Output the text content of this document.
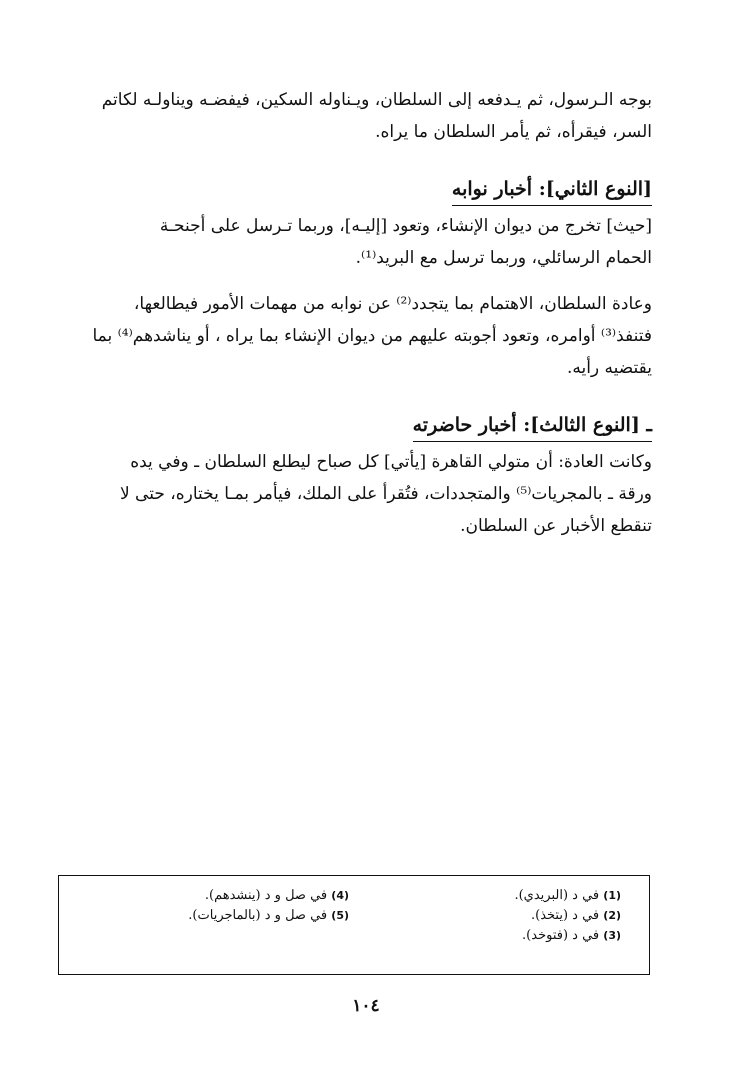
بوجه الـرسول، ثم يـدفعه إلى السلطان، ويـناوله السكين، فيفضـه ويناولـه لكاتم
السر، فيقرأه، ثم يأمر السلطان ما يراه.

[النوع الثاني]: أخبار نوابه

[حيث] تخرج من ديوان الإنشاء، وتعود [إليـه]، وربما تـرسل على أجنحـة
الحمام الرسائلي، وربما ترسل مع البريد⁽¹⁾.

وعادة السلطان، الاهتمام بما يتجدد⁽²⁾ عن نوابه من مهمات الأمور فيطالعها،
فتنفذ⁽³⁾ أوامره، وتعود أجوبته عليهم من ديوان الإنشاء بما يراه ، أو يناشدهم⁽⁴⁾ بما
يقتضيه رأيه.

ـ [النوع الثالث]: أخبار حاضرته

وكانت العادة: أن متولي القاهرة [يأتي] كل صباح ليطلع السلطان ـ وفي يده
ورقة ـ بالمجريات⁽⁵⁾ والمتجددات، فتُقرأ على الملك، فيأمر بمـا يختاره، حتى لا
تنقطع الأخبار عن السلطان.

(1) في د (البريدي).
(2) في د (يتخذ).
(3) في د (فتوخد).
(4) في صل و د (ينشدهم).
(5) في صل و د (بالماجريات).
١٠٤
